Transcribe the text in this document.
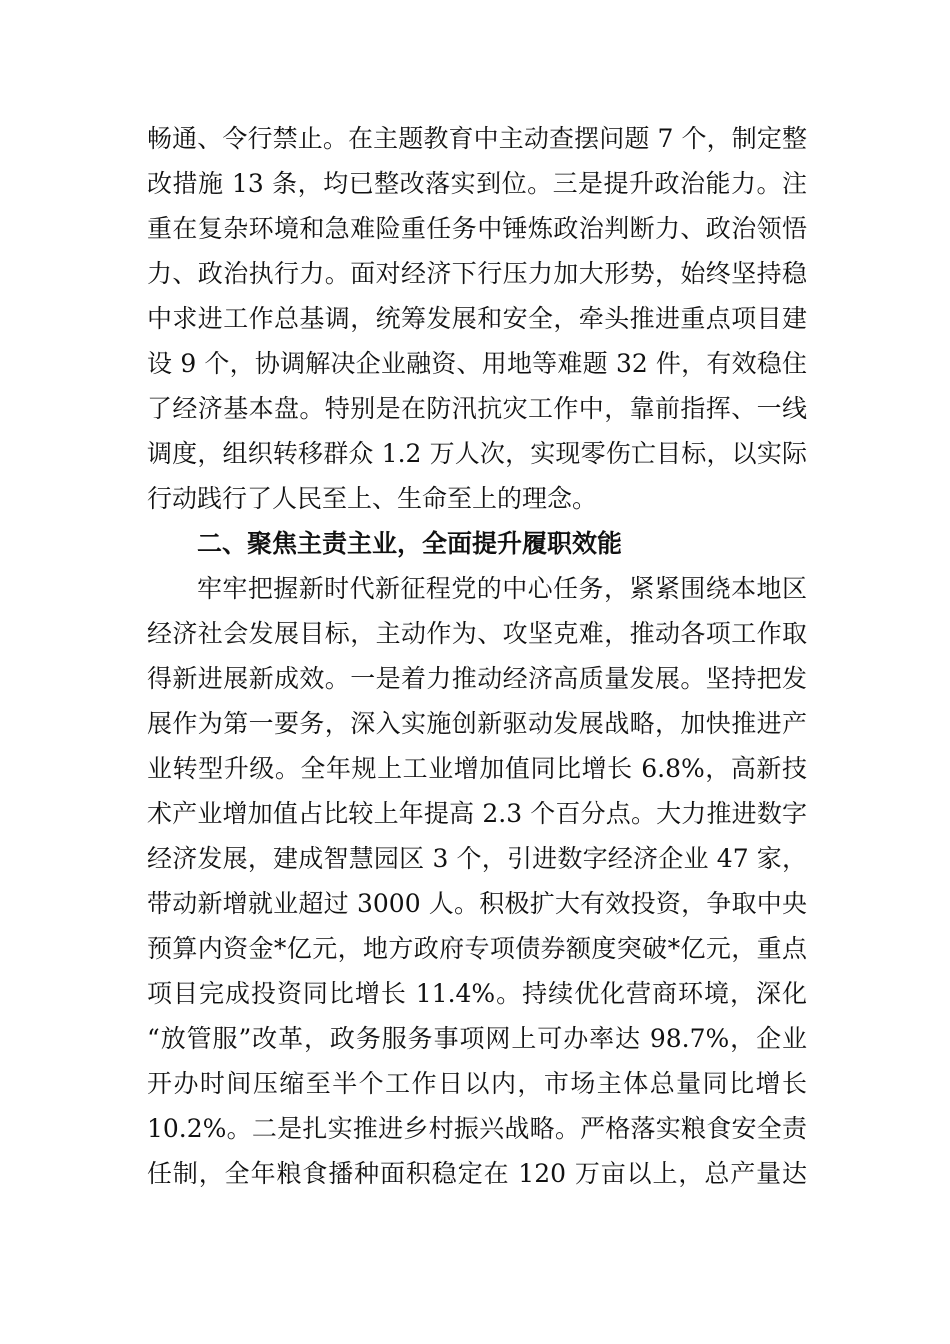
畅通、令行禁止。在主题教育中主动查摆问题 7 个，制定整
改措施 13 条，均已整改落实到位。三是提升政治能力。注
重在复杂环境和急难险重任务中锤炼政治判断力、政治领悟
力、政治执行力。面对经济下行压力加大形势，始终坚持稳
中求进工作总基调，统筹发展和安全，牵头推进重点项目建
设 9 个，协调解决企业融资、用地等难题 32 件，有效稳住
了经济基本盘。特别是在防汛抗灾工作中，靠前指挥、一线
调度，组织转移群众 1.2 万人次，实现零伤亡目标，以实际
行动践行了人民至上、生命至上的理念。
二、聚焦主责主业，全面提升履职效能
牢牢把握新时代新征程党的中心任务，紧紧围绕本地区
经济社会发展目标，主动作为、攻坚克难，推动各项工作取
得新进展新成效。一是着力推动经济高质量发展。坚持把发
展作为第一要务，深入实施创新驱动发展战略，加快推进产
业转型升级。全年规上工业增加值同比增长 6.8%，高新技
术产业增加值占比较上年提高 2.3 个百分点。大力推进数字
经济发展，建成智慧园区 3 个，引进数字经济企业 47 家，
带动新增就业超过 3000 人。积极扩大有效投资，争取中央
预算内资金*亿元，地方政府专项债券额度突破*亿元，重点
项目完成投资同比增长 11.4%。持续优化营商环境，深化
“放管服”改革，政务服务事项网上可办率达 98.7%，企业
开办时间压缩至半个工作日以内，市场主体总量同比增长
10.2%。二是扎实推进乡村振兴战略。严格落实粮食安全责
任制，全年粮食播种面积稳定在 120 万亩以上，总产量达
